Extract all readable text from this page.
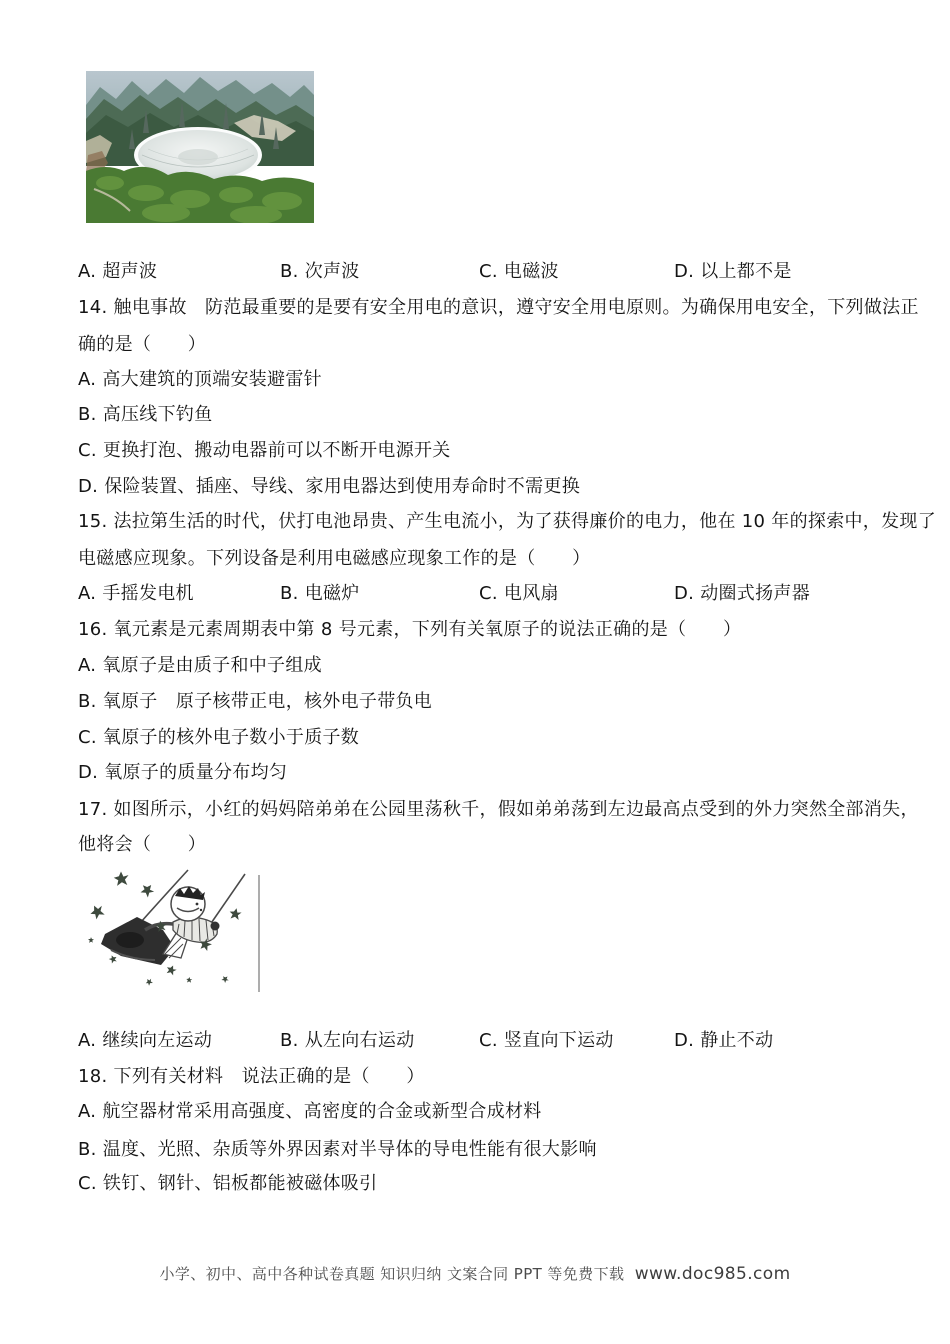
A. 超声波	B. 次声波	C. 电磁波	D. 以上都不是
14. 触电事故　防范最重要的是要有安全用电的意识，遵守安全用电原则。为确保用电安全，下列做法正
确的是（　　）
A. 高大建筑的顶端安装避雷针
B. 高压线下钓鱼
C. 更换打泡、搬动电器前可以不断开电源开关
D. 保险装置、插座、导线、家用电器达到使用寿命时不需更换
15. 法拉第生活的时代，伏打电池昂贵、产生电流小，为了获得廉价的电力，他在 10 年的探索中，发现了
电磁感应现象。下列设备是利用电磁感应现象工作的是（　　）
A. 手摇发电机	B. 电磁炉	C. 电风扇	D. 动圈式扬声器
16. 氧元素是元素周期表中第 8 号元素，下列有关氧原子的说法正确的是（　　）
A. 氧原子是由质子和中子组成
B. 氧原子　原子核带正电，核外电子带负电
C. 氧原子的核外电子数小于质子数
D. 氧原子的质量分布均匀
17. 如图所示，小红的妈妈陪弟弟在公园里荡秋千，假如弟弟荡到左边最高点受到的外力突然全部消失，
他将会（　　）
A. 继续向左运动	B. 从左向右运动	C. 竖直向下运动	D. 静止不动
18. 下列有关材料　说法正确的是（　　）
A. 航空器材常采用高强度、高密度的合金或新型合成材料
B. 温度、光照、杂质等外界因素对半导体的导电性能有很大影响
C. 铁钉、钢针、铝板都能被磁体吸引
小学、初中、高中各种试卷真题 知识归纳 文案合同 PPT 等免费下载  www.doc985.com
